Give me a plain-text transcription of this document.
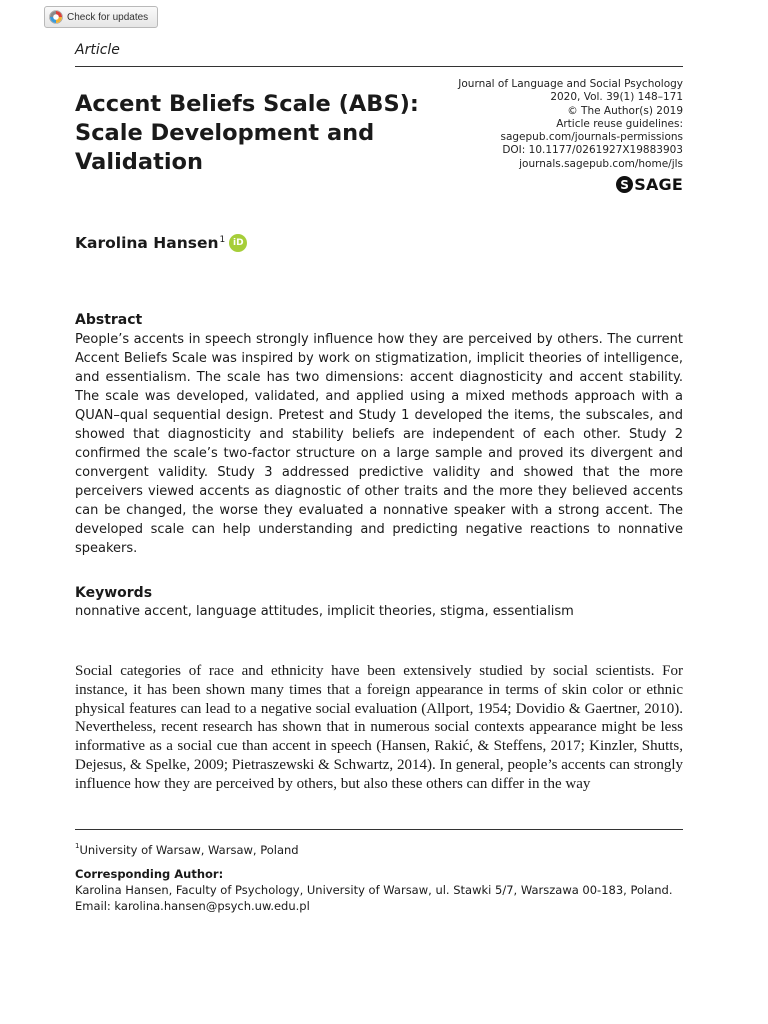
Check for updates
Article
Accent Beliefs Scale (ABS): Scale Development and Validation
Journal of Language and Social Psychology
2020, Vol. 39(1) 148–171
© The Author(s) 2019
Article reuse guidelines:
sagepub.com/journals-permissions
DOI: 10.1177/0261927X19883903
journals.sagepub.com/home/jls
S SAGE
Karolina Hansen$^1$ iD
Abstract

People’s accents in speech strongly influence how they are perceived by others. The current Accent Beliefs Scale was inspired by work on stigmatization, implicit theories of intelligence, and essentialism. The scale has two dimensions: accent diagnosticity and accent stability. The scale was developed, validated, and applied using a mixed methods approach with a QUAN–qual sequential design. Pretest and Study 1 developed the items, the subscales, and showed that diagnosticity and stability beliefs are independent of each other. Study 2 confirmed the scale’s two-factor structure on a large sample and proved its divergent and convergent validity. Study 3 addressed predictive validity and showed that the more perceivers viewed accents as diagnostic of other traits and the more they believed accents can be changed, the worse they evaluated a nonnative speaker with a strong accent. The developed scale can help understanding and predicting negative reactions to nonnative speakers.

Keywords
nonnative accent, language attitudes, implicit theories, stigma, essentialism

Social categories of race and ethnicity have been extensively studied by social scientists. For instance, it has been shown many times that a foreign appearance in terms of skin color or ethnic physical features can lead to a negative social evaluation (Allport, 1954; Dovidio & Gaertner, 2010). Nevertheless, recent research has shown that in numerous social contexts appearance might be less informative as a social cue than accent in speech (Hansen, Rakić, & Steffens, 2017; Kinzler, Shutts, Dejesus, & Spelke, 2009; Pietraszewski & Schwartz, 2014). In general, people’s accents can strongly influence how they are perceived by others, but also these others can differ in the way

$^1$University of Warsaw, Warsaw, Poland
Corresponding Author:
Karolina Hansen, Faculty of Psychology, University of Warsaw, ul. Stawki 5/7, Warszawa 00-183, Poland.
Email: karolina.hansen@psych.uw.edu.pl
